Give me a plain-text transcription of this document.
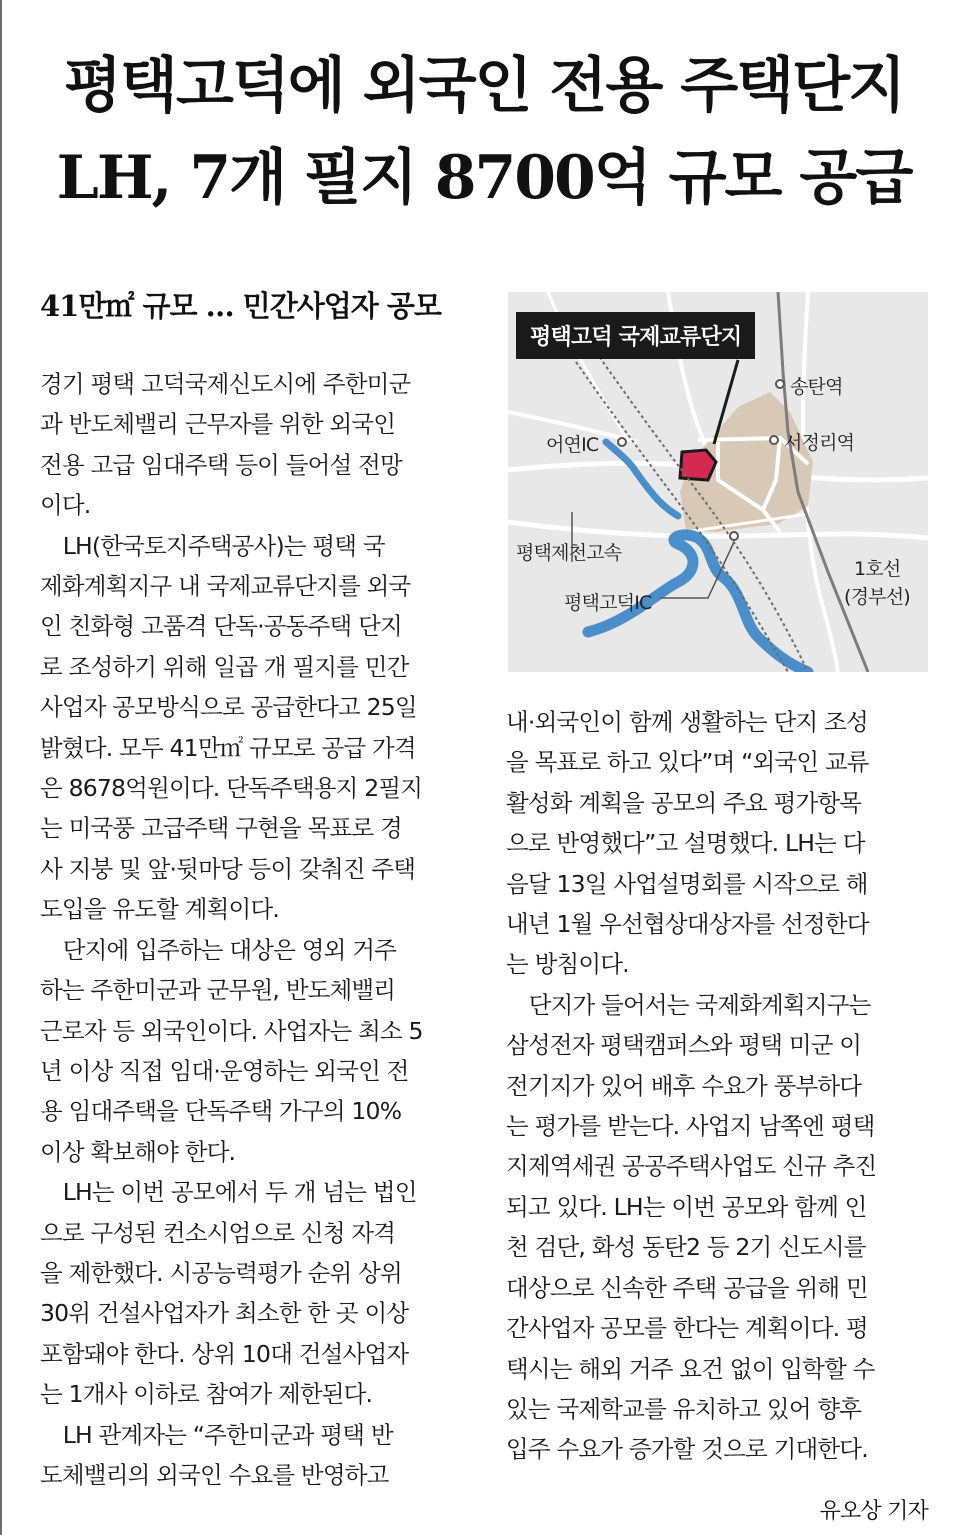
평택고덕에 외국인 전용 주택단지
LH, 7개 필지 8700억 규모 공급
41만㎡ 규모 … 민간사업자 공모
평택고덕 국제교류단지
송탄역
어연IC	서정리역
평택제천고속
평택고덕IC
1호선
(경부선)

경기 평택 고덕국제신도시에 주한미군
과 반도체밸리 근무자를 위한 외국인
전용 고급 임대주택 등이 들어설 전망
이다.

　LH(한국토지주택공사)는 평택 국
제화계획지구 내 국제교류단지를 외국
인 친화형 고품격 단독·공동주택 단지
로 조성하기 위해 일곱 개 필지를 민간
사업자 공모방식으로 공급한다고 25일
밝혔다. 모두 41만㎡ 규모로 공급 가격
은 8678억원이다. 단독주택용지 2필지
는 미국풍 고급주택 구현을 목표로 경
사 지붕 및 앞·뒷마당 등이 갖춰진 주택
도입을 유도할 계획이다.

　단지에 입주하는 대상은 영외 거주
하는 주한미군과 군무원, 반도체밸리
근로자 등 외국인이다. 사업자는 최소 5
년 이상 직접 임대·운영하는 외국인 전
용 임대주택을 단독주택 가구의 10%
이상 확보해야 한다.

　LH는 이번 공모에서 두 개 넘는 법인
으로 구성된 컨소시엄으로 신청 자격
을 제한했다. 시공능력평가 순위 상위
30위 건설사업자가 최소한 한 곳 이상
포함돼야 한다. 상위 10대 건설사업자
는 1개사 이하로 참여가 제한된다.

　LH 관계자는 “주한미군과 평택 반
도체밸리의 외국인 수요를 반영하고

내·외국인이 함께 생활하는 단지 조성
을 목표로 하고 있다”며 “외국인 교류
활성화 계획을 공모의 주요 평가항목
으로 반영했다”고 설명했다. LH는 다
음달 13일 사업설명회를 시작으로 해
내년 1월 우선협상대상자를 선정한다
는 방침이다.

　단지가 들어서는 국제화계획지구는
삼성전자 평택캠퍼스와 평택 미군 이
전기지가 있어 배후 수요가 풍부하다
는 평가를 받는다. 사업지 남쪽엔 평택
지제역세권 공공주택사업도 신규 추진
되고 있다. LH는 이번 공모와 함께 인
천 검단, 화성 동탄2 등 2기 신도시를
대상으로 신속한 주택 공급을 위해 민
간사업자 공모를 한다는 계획이다. 평
택시는 해외 거주 요건 없이 입학할 수
있는 국제학교를 유치하고 있어 향후
입주 수요가 증가할 것으로 기대한다.

유오상 기자
